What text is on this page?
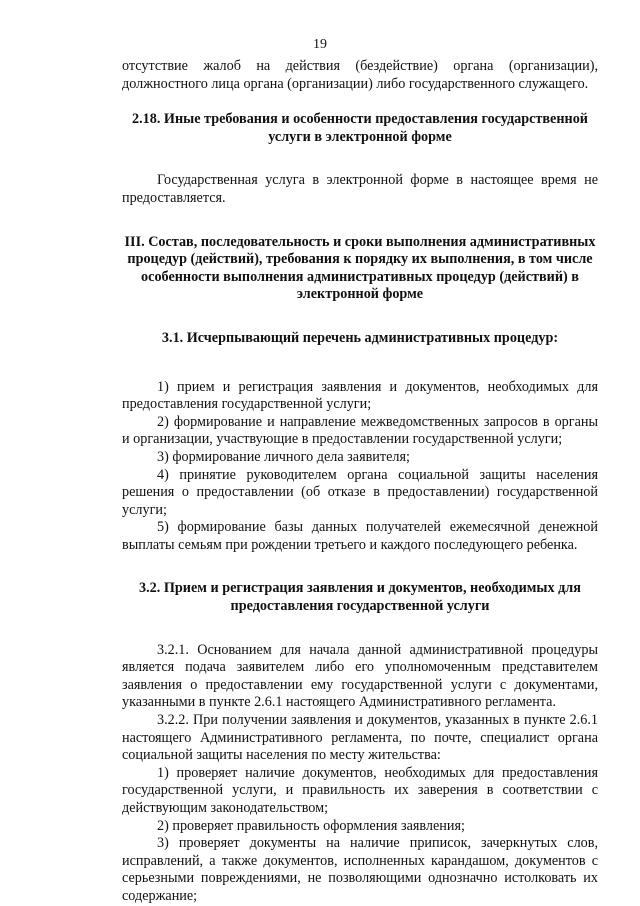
19

отсутствие жалоб на действия (бездействие) органа (организации), должностного лица органа (организации) либо государственного служащего.

2.18. Иные требования и особенности предоставления государственной услуги в электронной форме

Государственная услуга в электронной форме в настоящее время не предоставляется.

III. Состав, последовательность и сроки выполнения административных процедур (действий), требования к порядку их выполнения, в том числе особенности выполнения административных процедур (действий) в электронной форме

3.1. Исчерпывающий перечень административных процедур:

1) прием и регистрация заявления и документов, необходимых для предоставления государственной услуги;

2) формирование и направление межведомственных запросов в органы и организации, участвующие в предоставлении государственной услуги;

3) формирование личного дела заявителя;

4) принятие руководителем органа социальной защиты населения решения о предоставлении (об отказе в предоставлении) государственной услуги;

5) формирование базы данных получателей ежемесячной денежной выплаты семьям при рождении третьего и каждого последующего ребенка.

3.2. Прием и регистрация заявления и документов, необходимых для предоставления государственной услуги

3.2.1. Основанием для начала данной административной процедуры является подача заявителем либо его уполномоченным представителем заявления о предоставлении ему государственной услуги с документами, указанными в пункте 2.6.1 настоящего Административного регламента.

3.2.2. При получении заявления и документов, указанных в пункте 2.6.1 настоящего Административного регламента, по почте, специалист органа социальной защиты населения по месту жительства:

1) проверяет наличие документов, необходимых для предоставления государственной услуги, и правильность их заверения в соответствии с действующим законодательством;

2) проверяет правильность оформления заявления;

3) проверяет документы на наличие приписок, зачеркнутых слов, исправлений, а также документов, исполненных карандашом, документов с серьезными повреждениями, не позволяющими однозначно истолковать их содержание;
